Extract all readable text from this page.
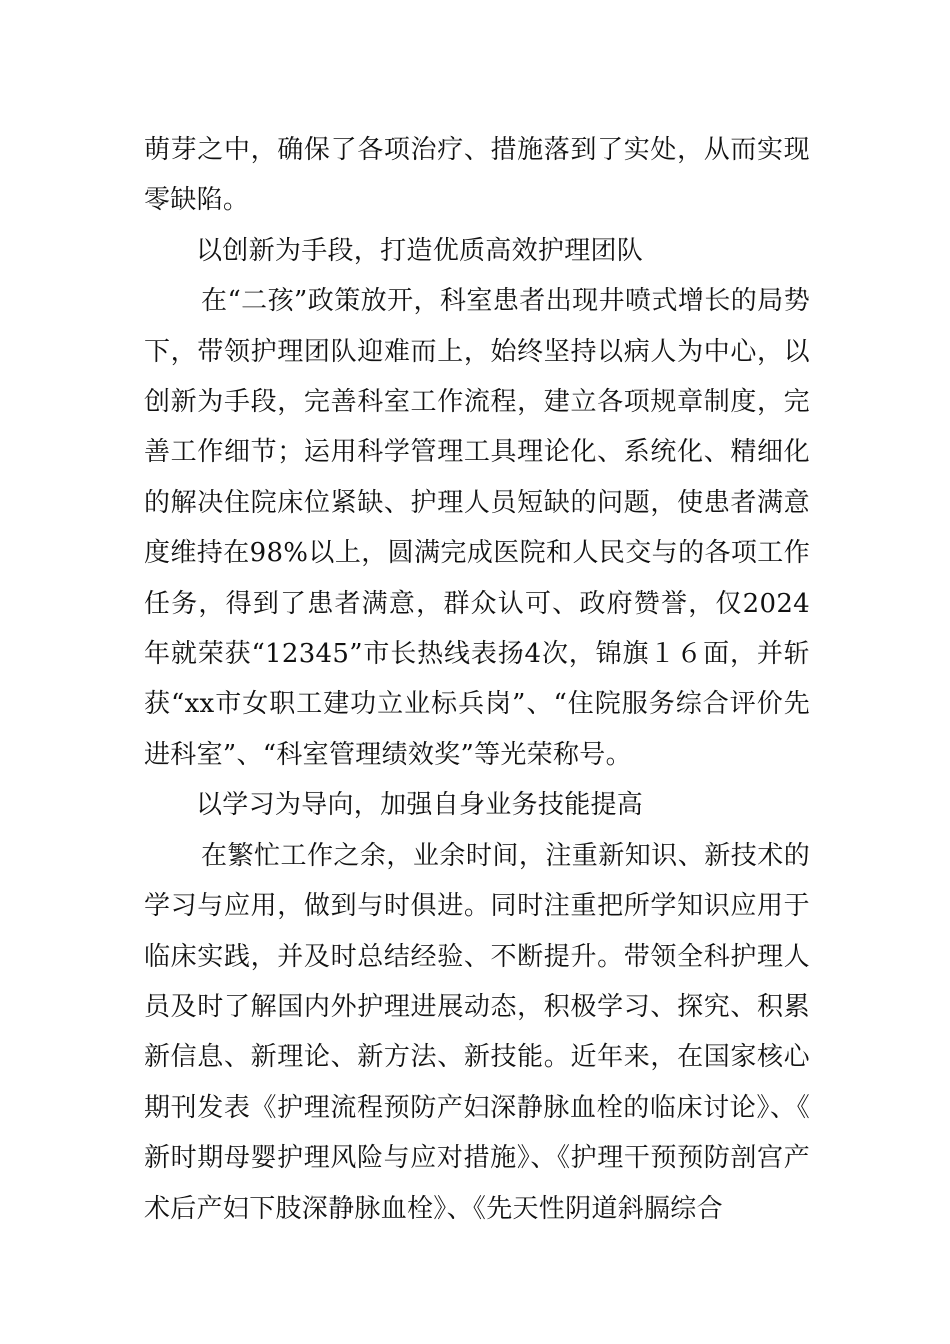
萌芽之中，确保了各项治疗、措施落到了实处，从而实现零缺陷。

以创新为手段，打造优质高效护理团队

在“二孩”政策放开，科室患者出现井喷式增长的局势下，带领护理团队迎难而上，始终坚持以病人为中心，以创新为手段，完善科室工作流程，建立各项规章制度，完善工作细节；运用科学管理工具理论化、系统化、精细化的解决住院床位紧缺、护理人员短缺的问题，使患者满意度维持在98%以上，圆满完成医院和人民交与的各项工作任务，得到了患者满意，群众认可、政府赞誉，仅2024年就荣获“12345”市长热线表扬4次，锦旗１６面，并斩获“xx市女职工建功立业标兵岗”、“住院服务综合评价先进科室”、“科室管理绩效奖”等光荣称号。

以学习为导向，加强自身业务技能提高

在繁忙工作之余，业余时间，注重新知识、新技术的学习与应用，做到与时俱进。同时注重把所学知识应用于临床实践，并及时总结经验、不断提升。带领全科护理人员及时了解国内外护理进展动态，积极学习、探究、积累新信息、新理论、新方法、新技能。近年来，在国家核心期刊发表《护理流程预防产妇深静脉血栓的临床讨论》、《新时期母婴护理风险与应对措施》、《护理干预预防剖宫产术后产妇下肢深静脉血栓》、《先天性阴道斜膈综合
